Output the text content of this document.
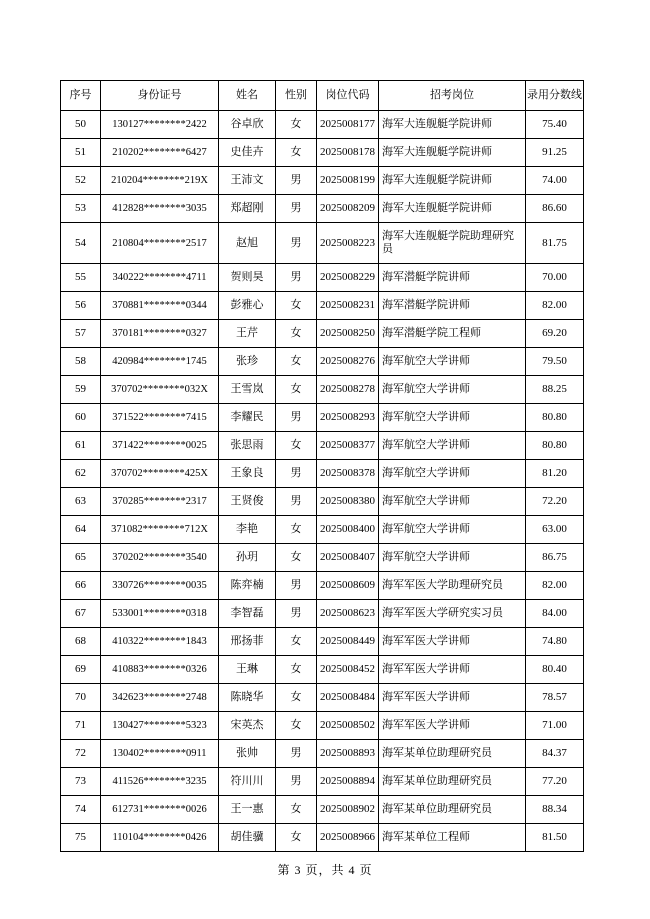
序号	身份证号	姓名	性别	岗位代码	招考岗位	录用分数线
50	130127********2422	谷卓欣	女	2025008177	海军大连舰艇学院讲师	75.40
51	210202********6427	史佳卉	女	2025008178	海军大连舰艇学院讲师	91.25
52	210204********219X	王沛文	男	2025008199	海军大连舰艇学院讲师	74.00
53	412828********3035	郑超刚	男	2025008209	海军大连舰艇学院讲师	86.60
54	210804********2517	赵旭	男	2025008223	海军大连舰艇学院助理研究员	81.75
55	340222********4711	贺则昊	男	2025008229	海军潜艇学院讲师	70.00
56	370881********0344	彭雅心	女	2025008231	海军潜艇学院讲师	82.00
57	370181********0327	王芹	女	2025008250	海军潜艇学院工程师	69.20
58	420984********1745	张珍	女	2025008276	海军航空大学讲师	79.50
59	370702********032X	王雪岚	女	2025008278	海军航空大学讲师	88.25
60	371522********7415	李耀民	男	2025008293	海军航空大学讲师	80.80
61	371422********0025	张思雨	女	2025008377	海军航空大学讲师	80.80
62	370702********425X	王象良	男	2025008378	海军航空大学讲师	81.20
63	370285********2317	王贤俊	男	2025008380	海军航空大学讲师	72.20
64	371082********712X	李艳	女	2025008400	海军航空大学讲师	63.00
65	370202********3540	孙玥	女	2025008407	海军航空大学讲师	86.75
66	330726********0035	陈弈楠	男	2025008609	海军军医大学助理研究员	82.00
67	533001********0318	李智磊	男	2025008623	海军军医大学研究实习员	84.00
68	410322********1843	邢扬菲	女	2025008449	海军军医大学讲师	74.80
69	410883********0326	王琳	女	2025008452	海军军医大学讲师	80.40
70	342623********2748	陈晓华	女	2025008484	海军军医大学讲师	78.57
71	130427********5323	宋英杰	女	2025008502	海军军医大学讲师	71.00
72	130402********0911	张帅	男	2025008893	海军某单位助理研究员	84.37
73	411526********3235	符川川	男	2025008894	海军某单位助理研究员	77.20
74	612731********0026	王一惠	女	2025008902	海军某单位助理研究员	88.34
75	110104********0426	胡佳骥	女	2025008966	海军某单位工程师	81.50
第 3 页，共 4 页
